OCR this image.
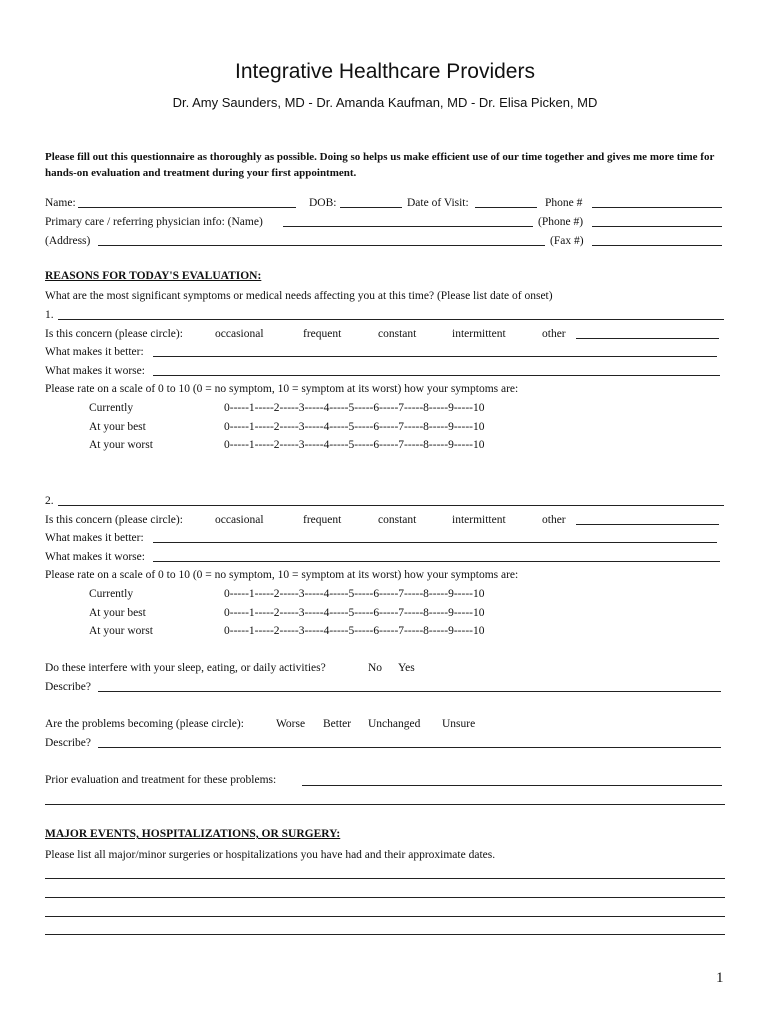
Integrative Healthcare Providers
Dr. Amy Saunders, MD - Dr. Amanda Kaufman, MD - Dr. Elisa Picken, MD
Please fill out this questionnaire as thoroughly as possible. Doing so helps us make efficient use of our time together and gives me more time for hands-on evaluation and treatment during your first appointment.
Name:	DOB:	Date of Visit:	Phone #
Primary care / referring physician info: (Name)	(Phone #)
(Address)	(Fax #)
REASONS FOR TODAY'S EVALUATION:
What are the most significant symptoms or medical needs affecting you at this time? (Please list date of onset)
1.
Is this concern (please circle):	occasional	frequent	constant	intermittent	other
What makes it better:
What makes it worse:
Please rate on a scale of 0 to 10 (0 = no symptom, 10 = symptom at its worst) how your symptoms are:
Currently	0-----1-----2-----3-----4-----5-----6-----7-----8-----9-----10
At your best	0-----1-----2-----3-----4-----5-----6-----7-----8-----9-----10
At your worst	0-----1-----2-----3-----4-----5-----6-----7-----8-----9-----10
2.
Is this concern (please circle):	occasional	frequent	constant	intermittent	other
What makes it better:
What makes it worse:
Please rate on a scale of 0 to 10 (0 = no symptom, 10 = symptom at its worst) how your symptoms are:
Currently	0-----1-----2-----3-----4-----5-----6-----7-----8-----9-----10
At your best	0-----1-----2-----3-----4-----5-----6-----7-----8-----9-----10
At your worst	0-----1-----2-----3-----4-----5-----6-----7-----8-----9-----10
Do these interfere with your sleep, eating, or daily activities?	No Yes
Describe?
Are the problems becoming (please circle):	Worse Better Unchanged Unsure
Describe?
Prior evaluation and treatment for these problems:
MAJOR EVENTS, HOSPITALIZATIONS, OR SURGERY:
Please list all major/minor surgeries or hospitalizations you have had and their approximate dates.
1
